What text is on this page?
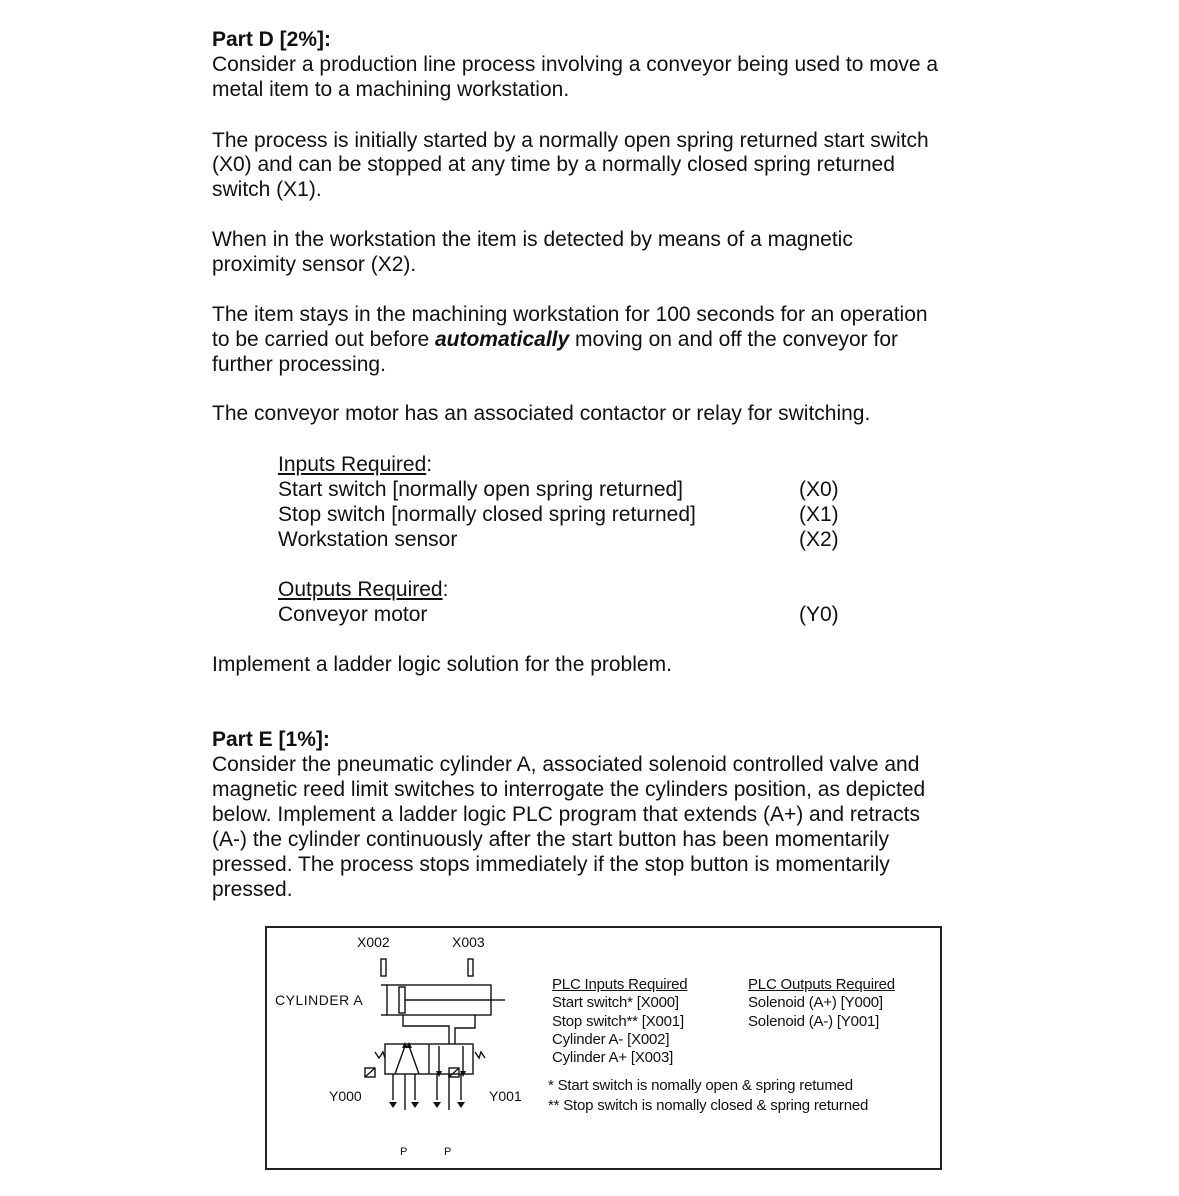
Part D [2%]:
Consider a production line process involving a conveyor being used to move a
metal item to a machining workstation.
The process is initially started by a normally open spring returned start switch
(X0) and can be stopped at any time by a normally closed spring returned
switch (X1).
When in the workstation the item is detected by means of a magnetic
proximity sensor (X2).
The item stays in the machining workstation for 100 seconds for an operation
to be carried out before automatically moving on and off the conveyor for
further processing.
The conveyor motor has an associated contactor or relay for switching.
Inputs Required:
Start switch [normally open spring returned]	(X0)
Stop switch [normally closed spring returned]	(X1)
Workstation sensor	(X2)
Outputs Required:
Conveyor motor	(Y0)
Implement a ladder logic solution for the problem.
Part E [1%]:
Consider the pneumatic cylinder A, associated solenoid controlled valve and
magnetic reed limit switches to interrogate the cylinders position, as depicted
below. Implement a ladder logic PLC program that extends (A+) and retracts
(A-) the cylinder continuously after the start button has been momentarily
pressed. The process stops immediately if the stop button is momentarily
pressed.
X002	X003
CYLINDER A
Y000	Y001
P	P
PLC Inputs Required
Start switch* [X000]
Stop switch** [X001]
Cylinder A- [X002]
Cylinder A+ [X003]
PLC Outputs Required
Solenoid (A+) [Y000]
Solenoid (A-) [Y001]
* Start switch is nomally open & spring retumed
** Stop switch is nomally closed & spring returned
